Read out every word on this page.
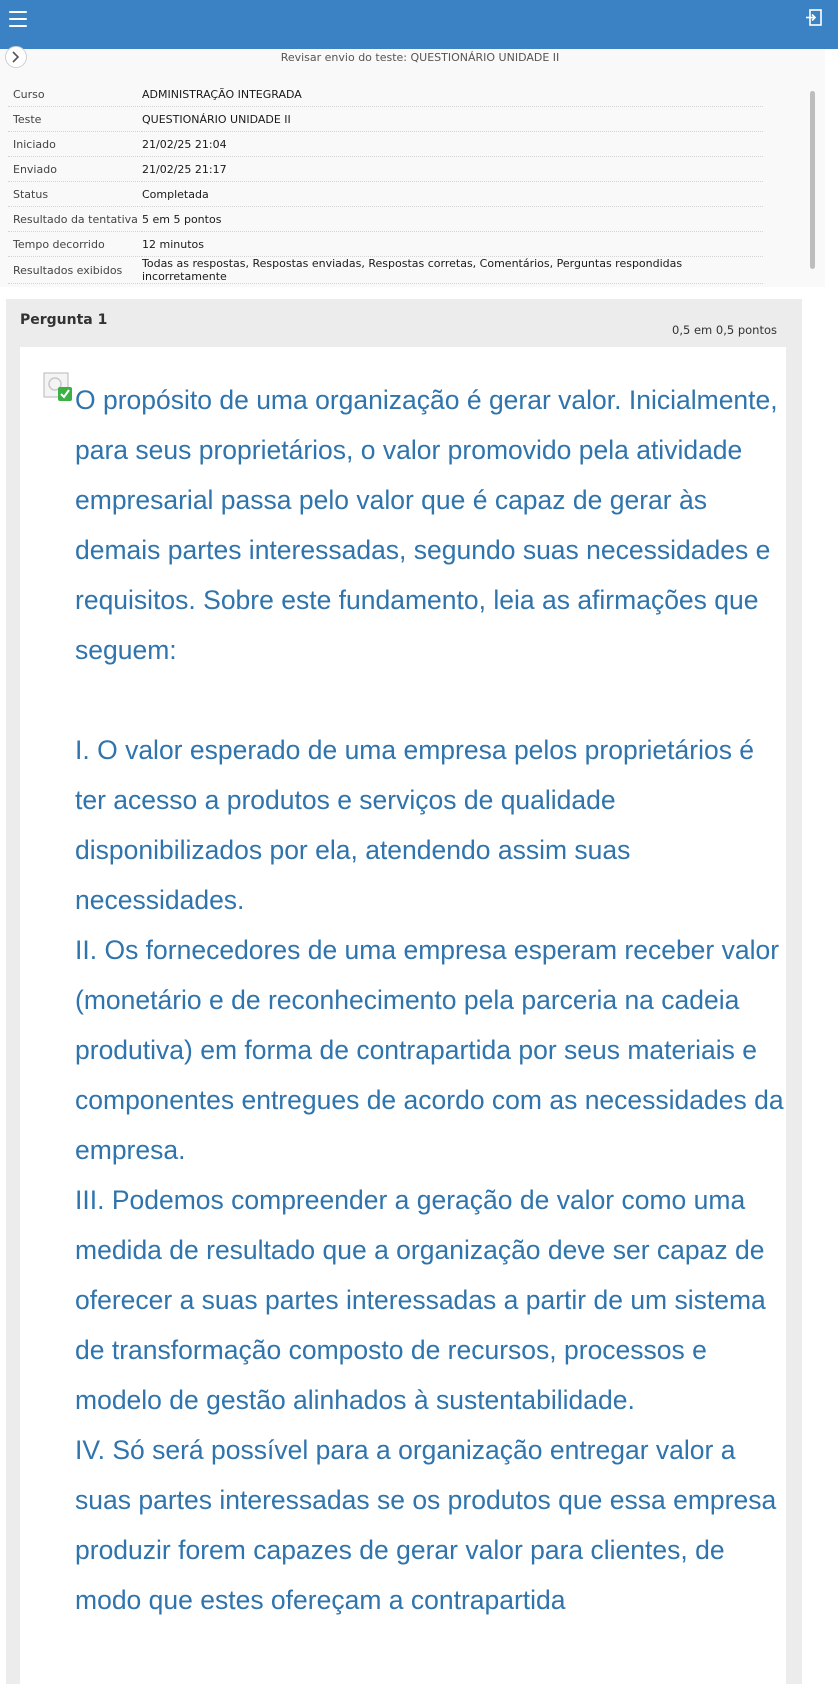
Revisar envio do teste: QUESTIONÁRIO UNIDADE II
Curso	ADMINISTRAÇÃO INTEGRADA
Teste	QUESTIONÁRIO UNIDADE II
Iniciado	21/02/25 21:04
Enviado	21/02/25 21:17
Status	Completada
Resultado da tentativa	5 em 5 pontos
Tempo decorrido	12 minutos
Resultados exibidos	Todas as respostas, Respostas enviadas, Respostas corretas, Comentários, Perguntas respondidas incorretamente
Pergunta 1
0,5 em 0,5 pontos

O propósito de uma organização é gerar valor. Inicialmente, para seus proprietários, o valor promovido pela atividade empresarial passa pelo valor que é capaz de gerar às demais partes interessadas, segundo suas necessidades e requisitos. Sobre este fundamento, leia as afirmações que seguem:

I. O valor esperado de uma empresa pelos proprietários é ter acesso a produtos e serviços de qualidade disponibilizados por ela, atendendo assim suas necessidades.

II. Os fornecedores de uma empresa esperam receber valor (monetário e de reconhecimento pela parceria na cadeia produtiva) em forma de contrapartida por seus materiais e componentes entregues de acordo com as necessidades da empresa.

III. Podemos compreender a geração de valor como uma medida de resultado que a organização deve ser capaz de oferecer a suas partes interessadas a partir de um sistema de transformação composto de recursos, processos e modelo de gestão alinhados à sustentabilidade.

IV. Só será possível para a organização entregar valor a suas partes interessadas se os produtos que essa empresa produzir forem capazes de gerar valor para clientes, de modo que estes ofereçam a contrapartida
